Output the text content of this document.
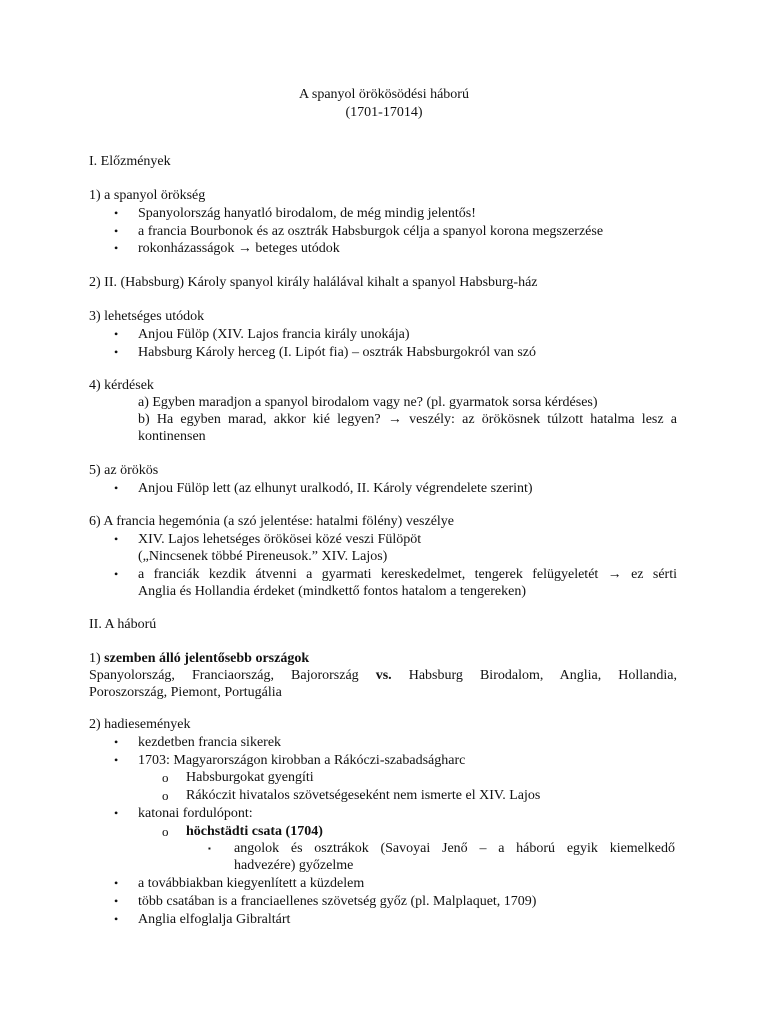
A spanyol örökösödési háború
(1701-17014)
I. Előzmények
1) a spanyol örökség
• Spanyolország hanyatló birodalom, de még mindig jelentős!
• a francia Bourbonok és az osztrák Habsburgok célja a spanyol korona megszerzése
• rokonházasságok → beteges utódok
2) II. (Habsburg) Károly spanyol király halálával kihalt a spanyol Habsburg-ház
3) lehetséges utódok
• Anjou Fülöp (XIV. Lajos francia király unokája)
• Habsburg Károly herceg (I. Lipót fia) – osztrák Habsburgokról van szó
4) kérdések
a) Egyben maradjon a spanyol birodalom vagy ne? (pl. gyarmatok sorsa kérdéses)
b) Ha egyben marad, akkor kié legyen? → veszély: az örökösnek túlzott hatalma lesz a
kontinensen
5) az örökös
• Anjou Fülöp lett (az elhunyt uralkodó, II. Károly végrendelete szerint)
6) A francia hegemónia (a szó jelentése: hatalmi fölény) veszélye
• XIV. Lajos lehetséges örökösei közé veszi Fülöpöt
(„Nincsenek többé Pireneusok.” XIV. Lajos)
• a franciák kezdik átvenni a gyarmati kereskedelmet, tengerek felügyeletét → ez sérti
Anglia és Hollandia érdeket (mindkettő fontos hatalom a tengereken)
II. A háború
1) szemben álló jelentősebb országok
Spanyolország, Franciaország, Bajorország vs. Habsburg Birodalom, Anglia, Hollandia,
Poroszország, Piemont, Portugália
2) hadiesemények
• kezdetben francia sikerek
• 1703: Magyarországon kirobban a Rákóczi-szabadságharc
o Habsburgokat gyengíti
o Rákóczit hivatalos szövetségeseként nem ismerte el XIV. Lajos
• katonai fordulópont:
o höchstädti csata (1704)
▪ angolok és osztrákok (Savoyai Jenő – a háború egyik kiemelkedő
hadvezére) győzelme
• a továbbiakban kiegyenlített a küzdelem
• több csatában is a franciaellenes szövetség győz (pl. Malplaquet, 1709)
• Anglia elfoglalja Gibraltárt
